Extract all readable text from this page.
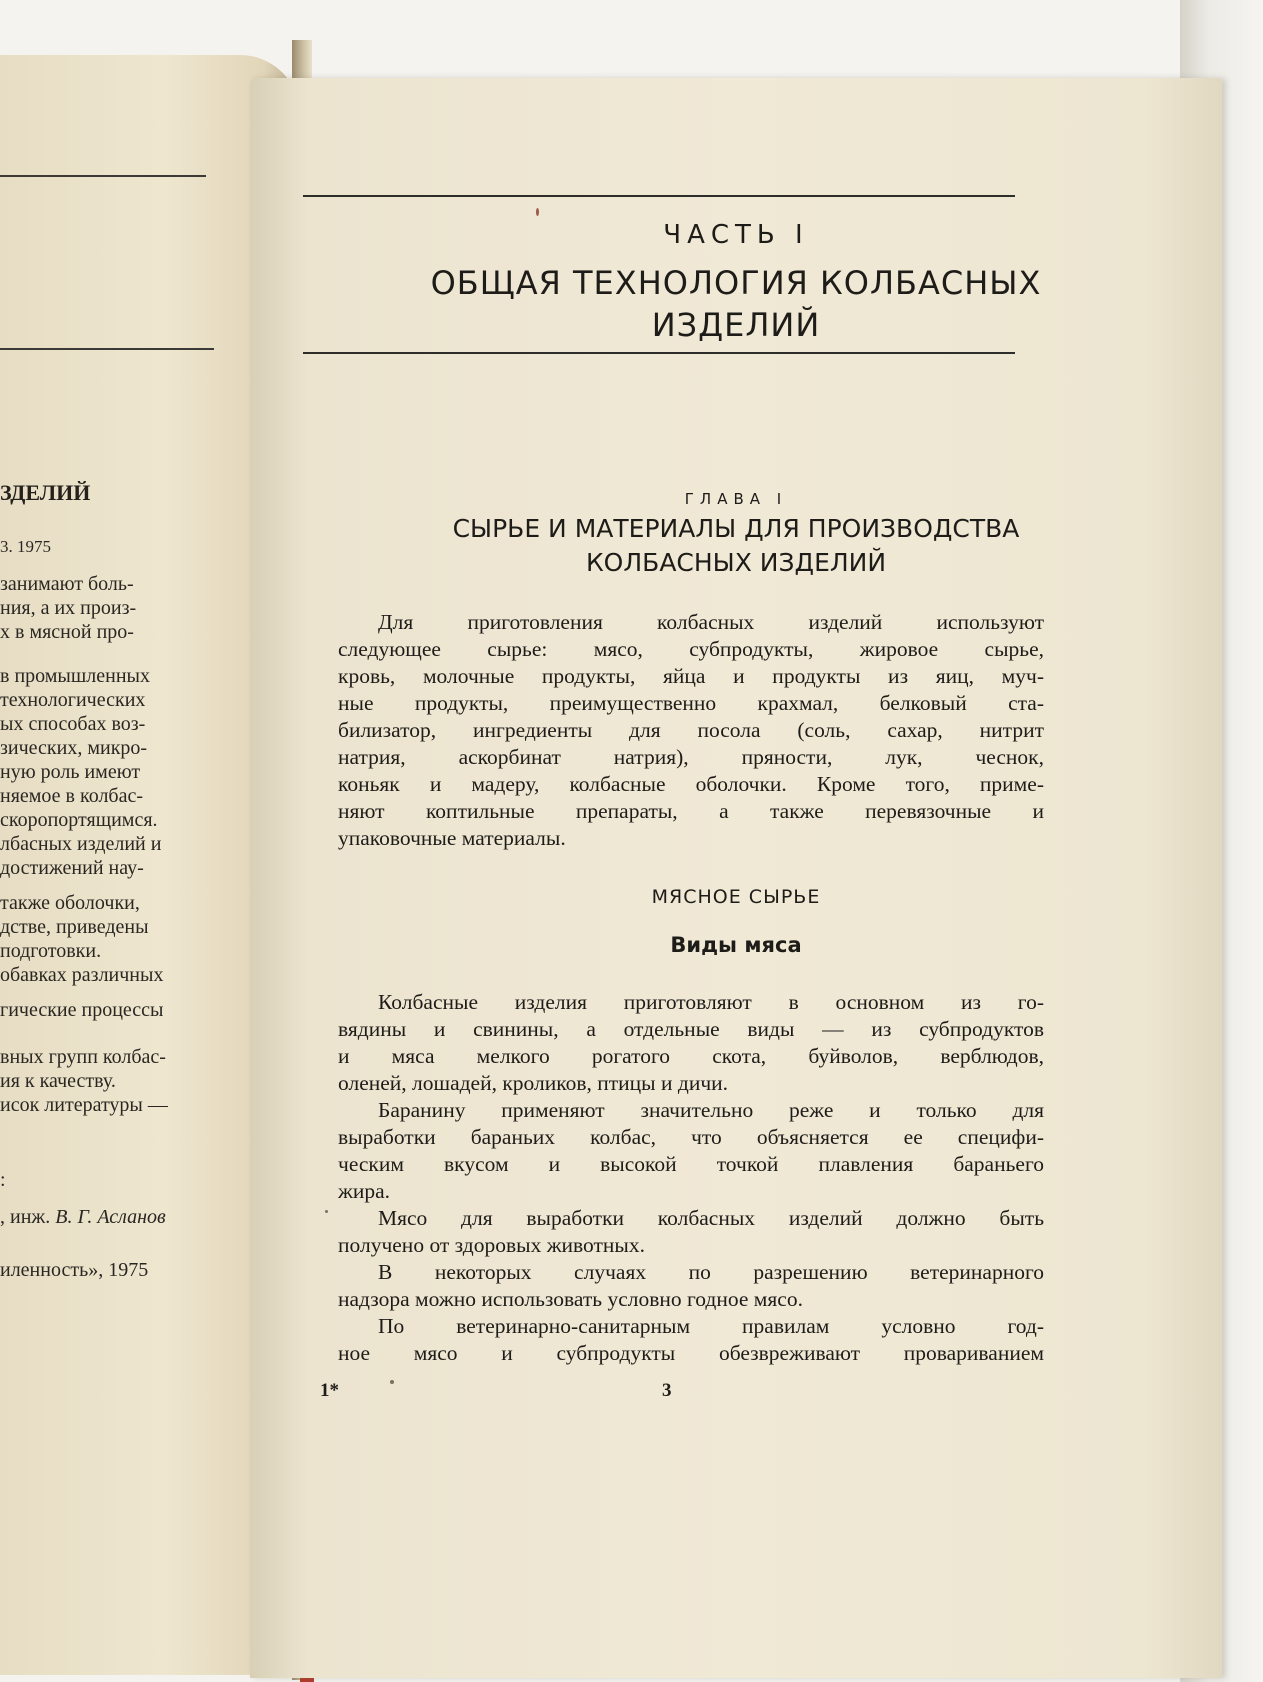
ЗДЕЛИЙ
3. 1975
занимают боль-
ния, а их произ-
х в мясной про-
в промышленных
технологических
ых способах воз-
зических, микро-
ную роль имеют
няемое в колбас-
скоропортящимся.
лбасных изделий и
достижений нау-
также оболочки,
дстве, приведены
подготовки.
обавках различных
гические процессы
вных групп колбас-
ия к качеству.
исок литературы —
:
, инж. В. Г. Асланов
иленность», 1975
ЧАСТЬ I
ОБЩАЯ ТЕХНОЛОГИЯ КОЛБАСНЫХ
ИЗДЕЛИЙ
ГЛАВА I
СЫРЬЕ И МАТЕРИАЛЫ ДЛЯ ПРОИЗВОДСТВА
КОЛБАСНЫХ ИЗДЕЛИЙ
Для приготовления колбасных изделий используют
следующее сырье: мясо, субпродукты, жировое сырье,
кровь, молочные продукты, яйца и продукты из яиц, муч-
ные продукты, преимущественно крахмал, белковый ста-
билизатор, ингредиенты для посола (соль, сахар, нитрит
натрия, аскорбинат натрия), пряности, лук, чеснок,
коньяк и мадеру, колбасные оболочки. Кроме того, приме-
няют коптильные препараты, а также перевязочные и
упаковочные материалы.
МЯСНОЕ СЫРЬЕ
Виды мяса
Колбасные изделия приготовляют в основном из го-
вядины и свинины, а отдельные виды — из субпродуктов
и мяса мелкого рогатого скота, буйволов, верблюдов,
оленей, лошадей, кроликов, птицы и дичи.
Баранину применяют значительно реже и только для
выработки бараньих колбас, что объясняется ее специфи-
ческим вкусом и высокой точкой плавления бараньего
жира.
Мясо для выработки колбасных изделий должно быть
получено от здоровых животных.
В некоторых случаях по разрешению ветеринарного
надзора можно использовать условно годное мясо.
По ветеринарно-санитарным правилам условно год-
ное мясо и субпродукты обезвреживают провариванием
1*	3
